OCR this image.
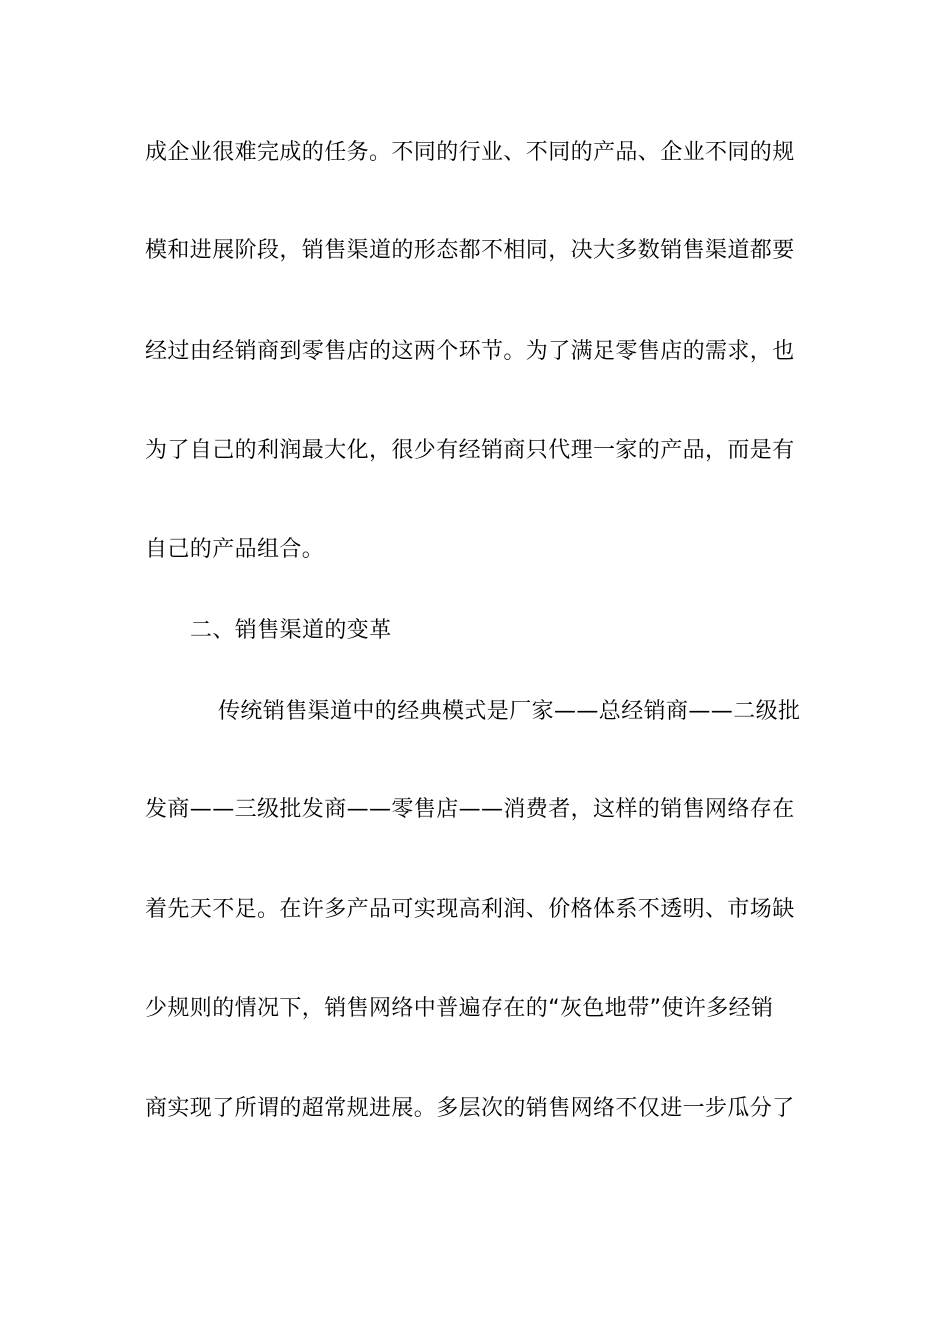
成企业很难完成的任务。不同的行业、不同的产品、企业不同的规
模和进展阶段，销售渠道的形态都不相同，决大多数销售渠道都要
经过由经销商到零售店的这两个环节。为了满足零售店的需求，也
为了自己的利润最大化，很少有经销商只代理一家的产品，而是有
自己的产品组合。
二、销售渠道的变革
传统销售渠道中的经典模式是厂家——总经销商——二级批
发商——三级批发商——零售店——消费者，这样的销售网络存在
着先天不足。在许多产品可实现高利润、价格体系不透明、市场缺
少规则的情况下，销售网络中普遍存在的“灰色地带”使许多经销
商实现了所谓的超常规进展。多层次的销售网络不仅进一步瓜分了
